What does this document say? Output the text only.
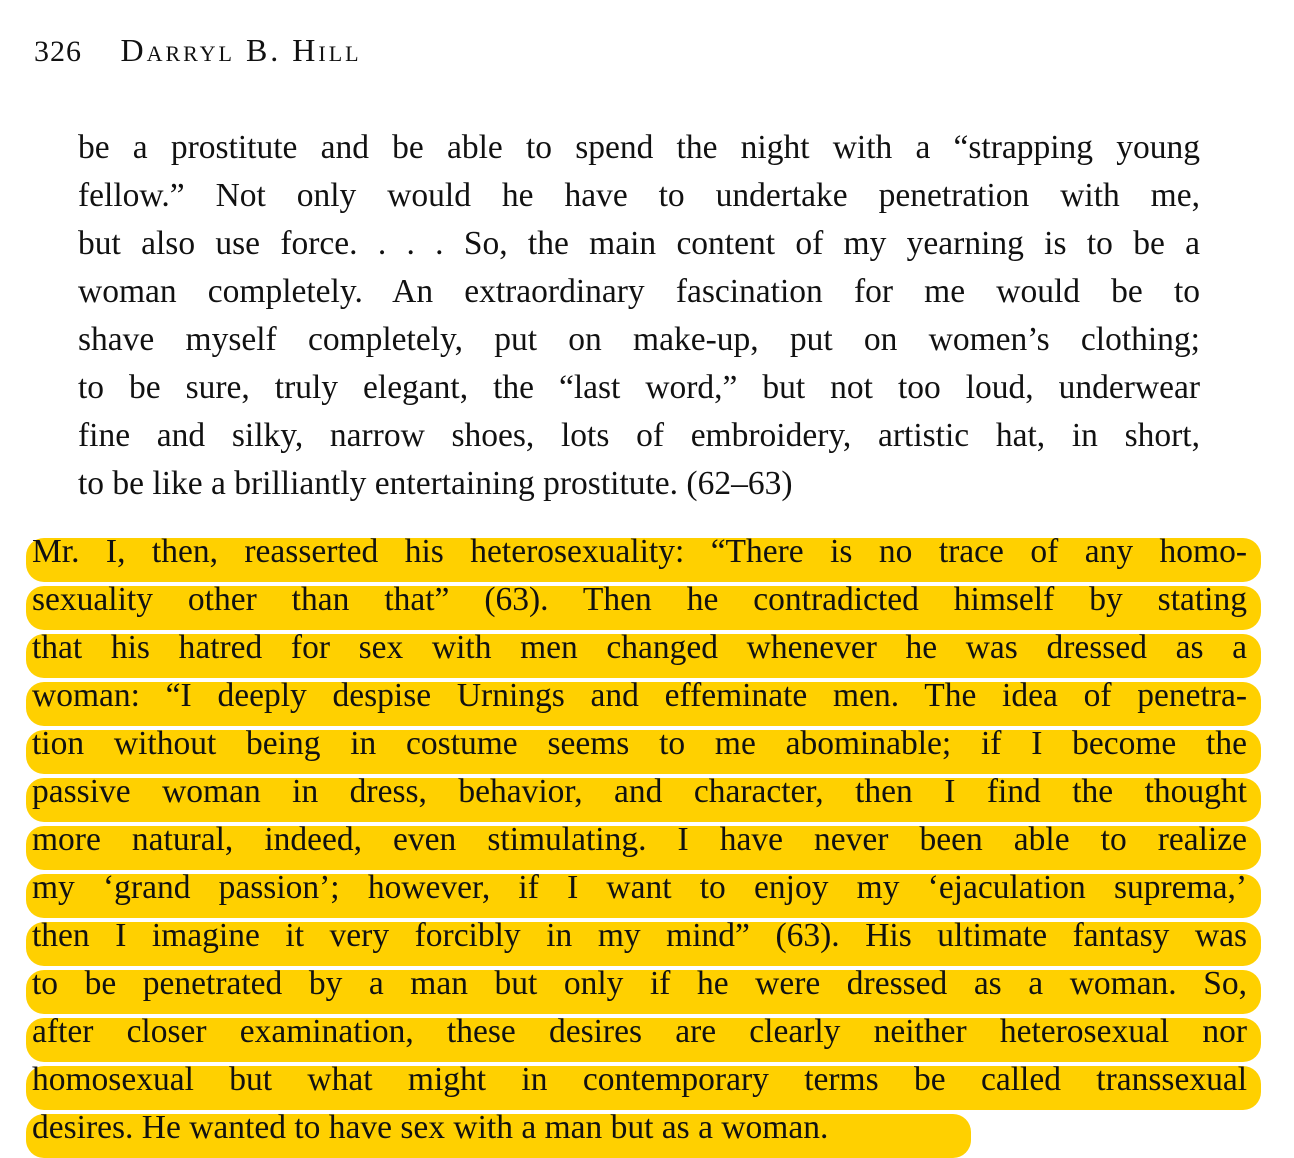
326 Darryl B. Hill
be a prostitute and be able to spend the night with a “strapping young
fellow.” Not only would he have to undertake penetration with me,
but also use force. . . . So, the main content of my yearning is to be a
woman completely. An extraordinary fascination for me would be to
shave myself completely, put on make-up, put on women’s clothing;
to be sure, truly elegant, the “last word,” but not too loud, underwear
fine and silky, narrow shoes, lots of embroidery, artistic hat, in short,
to be like a brilliantly entertaining prostitute. (62–63)
Mr. I, then, reasserted his heterosexuality: “There is no trace of any homo-
sexuality other than that” (63). Then he contradicted himself by stating
that his hatred for sex with men changed whenever he was dressed as a
woman: “I deeply despise Urnings and effeminate men. The idea of penetra-
tion without being in costume seems to me abominable; if I become the
passive woman in dress, behavior, and character, then I find the thought
more natural, indeed, even stimulating. I have never been able to realize
my ‘grand passion’; however, if I want to enjoy my ‘ejaculation suprema,’
then I imagine it very forcibly in my mind” (63). His ultimate fantasy was
to be penetrated by a man but only if he were dressed as a woman. So,
after closer examination, these desires are clearly neither heterosexual nor
homosexual but what might in contemporary terms be called transsexual
desires. He wanted to have sex with a man but as a woman.
